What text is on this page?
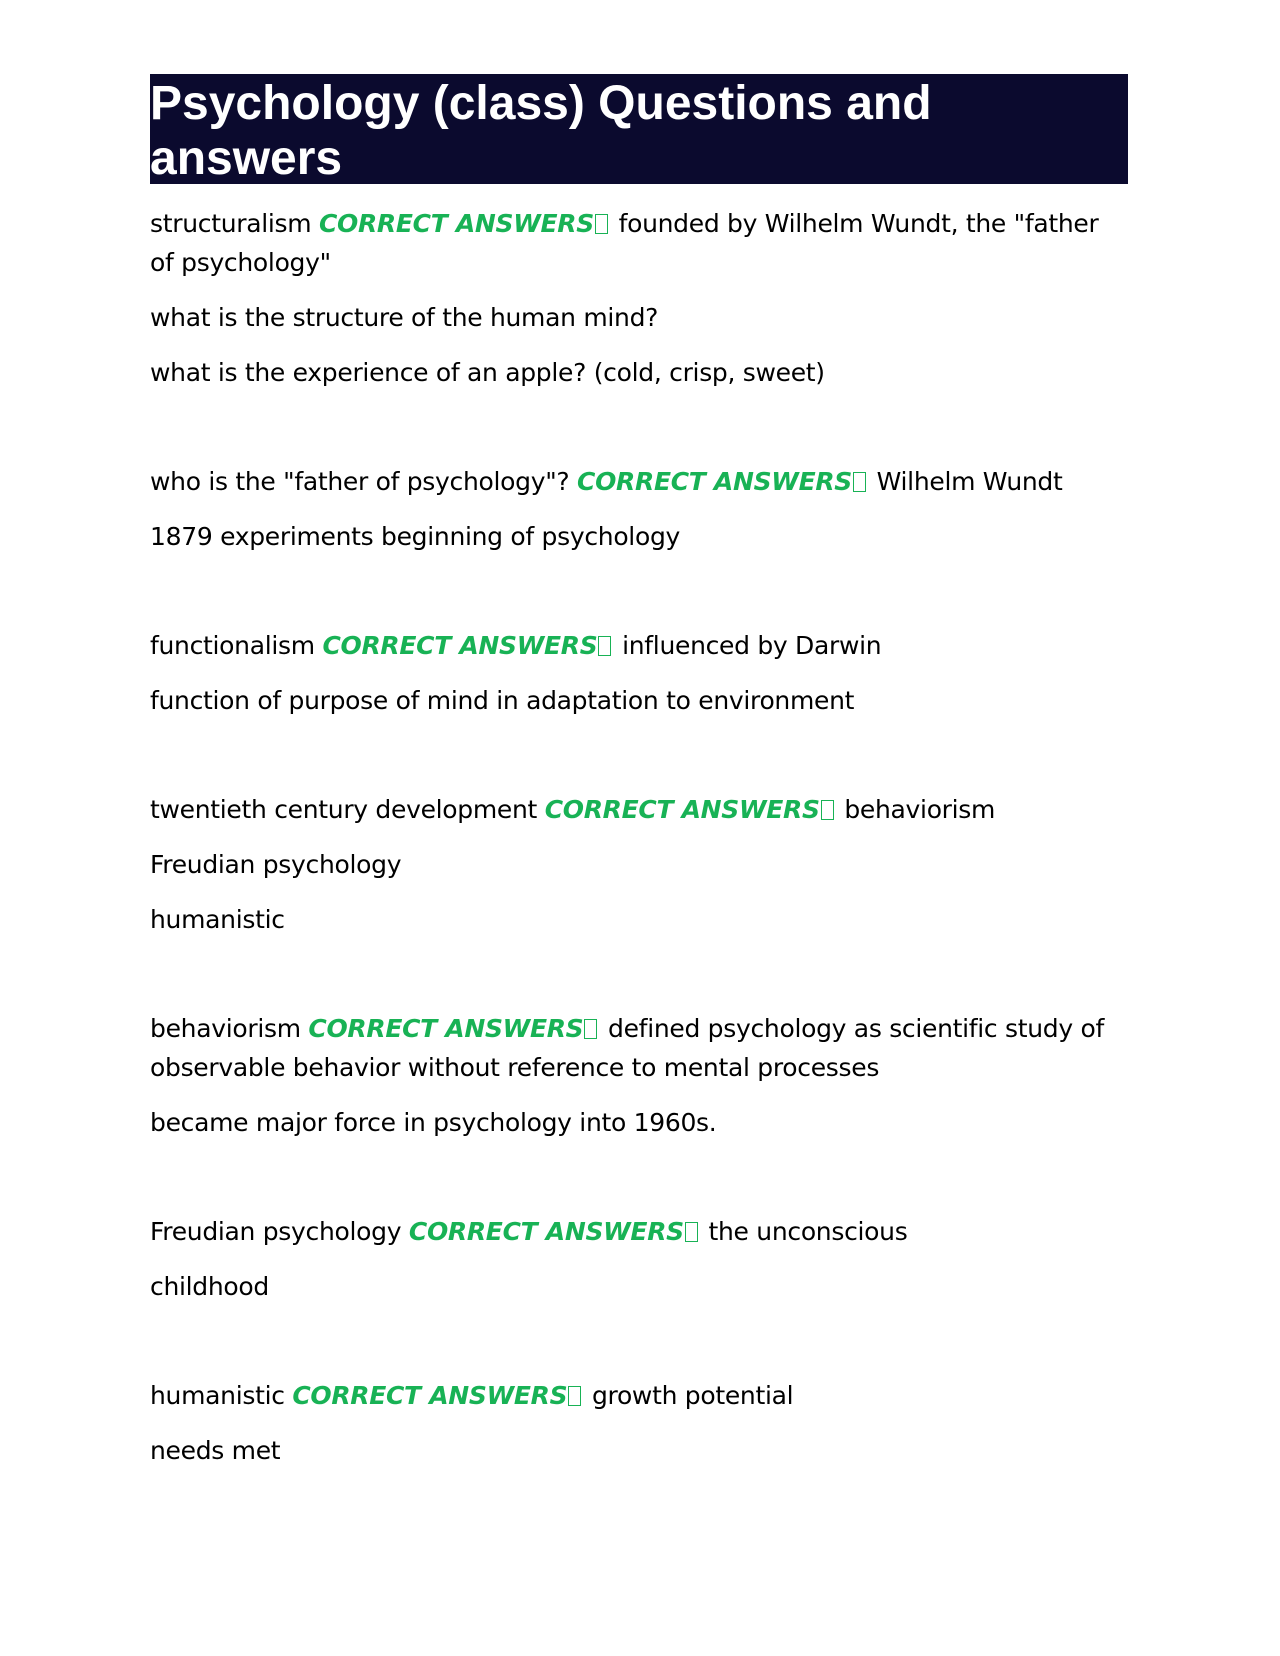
Psychology (class) Questions and answers
structuralism CORRECT ANSWERS founded by Wilhelm Wundt, the "father of psychology"
what is the structure of the human mind?
what is the experience of an apple? (cold, crisp, sweet)
who is the "father of psychology"? CORRECT ANSWERS Wilhelm Wundt
1879 experiments beginning of psychology
functionalism CORRECT ANSWERS influenced by Darwin
function of purpose of mind in adaptation to environment
twentieth century development CORRECT ANSWERS behaviorism
Freudian psychology
humanistic
behaviorism CORRECT ANSWERS defined psychology as scientific study of observable behavior without reference to mental processes
became major force in psychology into 1960s.
Freudian psychology CORRECT ANSWERS the unconscious
childhood
humanistic CORRECT ANSWERS growth potential
needs met
